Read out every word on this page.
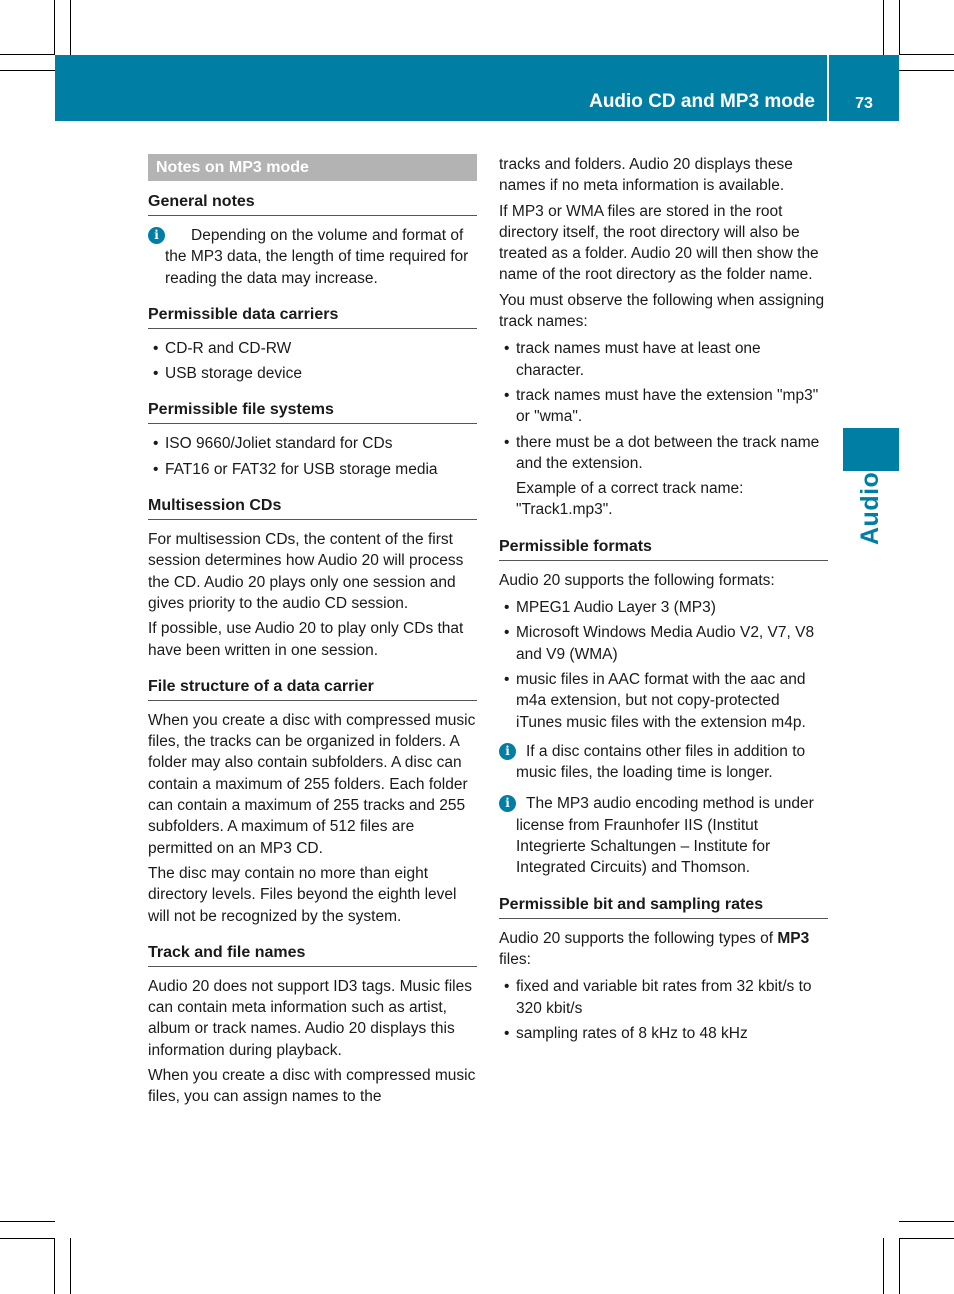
Audio CD and MP3 mode	73
Audio
Notes on MP3 mode
General notes
i	Depending on the volume and format of the MP3 data, the length of time required for reading the data may increase.
Permissible data carriers
• CD-R and CD-RW
• USB storage device
Permissible file systems
• ISO 9660/Joliet standard for CDs
• FAT16 or FAT32 for USB storage media
Multisession CDs

For multisession CDs, the content of the first session determines how Audio 20 will process the CD. Audio 20 plays only one session and gives priority to the audio CD session.

If possible, use Audio 20 to play only CDs that have been written in one session.

File structure of a data carrier

When you create a disc with compressed music files, the tracks can be organized in folders. A folder may also contain subfolders. A disc can contain a maximum of 255 folders. Each folder can contain a maximum of 255 tracks and 255 subfolders. A maximum of 512 files are permitted on an MP3 CD.

The disc may contain no more than eight directory levels. Files beyond the eighth level will not be recognized by the system.

Track and file names

Audio 20 does not support ID3 tags. Music files can contain meta information such as artist, album or track names. Audio 20 displays this information during playback.

When you create a disc with compressed music files, you can assign names to the

tracks and folders. Audio 20 displays these names if no meta information is available.

If MP3 or WMA files are stored in the root directory itself, the root directory will also be treated as a folder. Audio 20 will then show the name of the root directory as the folder name.

You must observe the following when assigning track names:

• track names must have at least one character.
• track names must have the extension "mp3" or "wma".
• there must be a dot between the track name and the extension.
Example of a correct track name: "Track1.mp3".
Permissible formats

Audio 20 supports the following formats:

• MPEG1 Audio Layer 3 (MP3)
• Microsoft Windows Media Audio V2, V7, V8 and V9 (WMA)
• music files in AAC format with the aac and m4a extension, but not copy-protected iTunes music files with the extension m4p.
i	If a disc contains other files in addition to music files, the loading time is longer.
i	The MP3 audio encoding method is under license from Fraunhofer IIS (Institut Integrierte Schaltungen – Institute for Integrated Circuits) and Thomson.
Permissible bit and sampling rates

Audio 20 supports the following types of MP3 files:

• fixed and variable bit rates from 32 kbit/s to 320 kbit/s
• sampling rates of 8 kHz to 48 kHz
